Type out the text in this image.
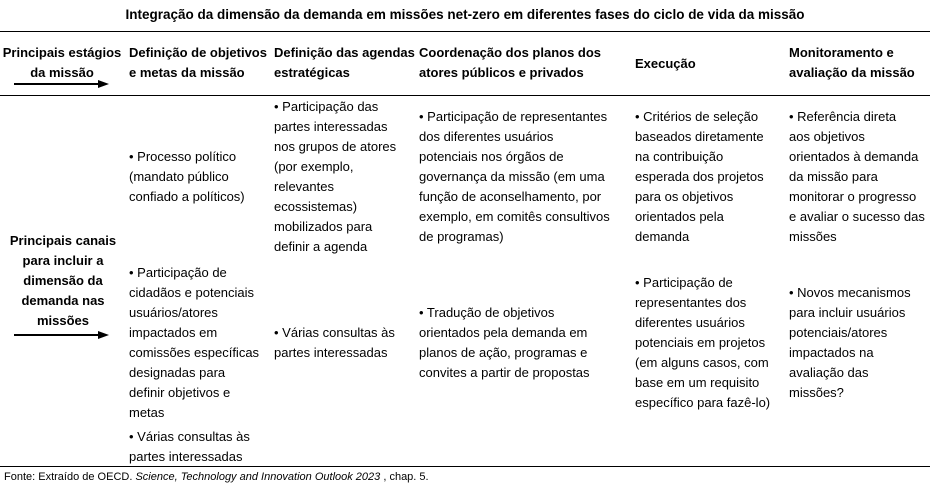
Integração da dimensão da demanda em missões net-zero em diferentes fases do ciclo de vida da missão
Principais estágios
da missão
Definição de objetivos
e metas da missão
Definição das agendas
estratégicas
Coordenação dos planos dos
atores públicos e privados
Execução
Monitoramento e
avaliação da missão
Principais canais
para incluir a
dimensão da
demanda nas
missões
• Processo político
(mandato público
confiado a políticos)
• Participação de
cidadãos e potenciais
usuários/atores
impactados em
comissões específicas
designadas para
definir objetivos e
metas
• Várias consultas às
partes interessadas
• Participação das
partes interessadas
nos grupos de atores
(por exemplo,
relevantes
ecossistemas)
mobilizados para
definir a agenda
• Várias consultas às
partes interessadas
• Participação de representantes
dos diferentes usuários
potenciais nos órgãos de
governança da missão (em uma
função de aconselhamento, por
exemplo, em comitês consultivos
de programas)
• Tradução de objetivos
orientados pela demanda em
planos de ação, programas e
convites a partir de propostas
• Critérios de seleção
baseados diretamente
na contribuição
esperada dos projetos
para os objetivos
orientados pela
demanda
• Participação de
representantes dos
diferentes usuários
potenciais em projetos
(em alguns casos, com
base em um requisito
específico para fazê-lo)
• Referência direta
aos objetivos
orientados à demanda
da missão para
monitorar o progresso
e avaliar o sucesso das
missões
• Novos mecanismos
para incluir usuários
potenciais/atores
impactados na
avaliação das
missões?
Fonte: Extraído de OECD. Science, Technology and Innovation Outlook 2023 , chap. 5.
